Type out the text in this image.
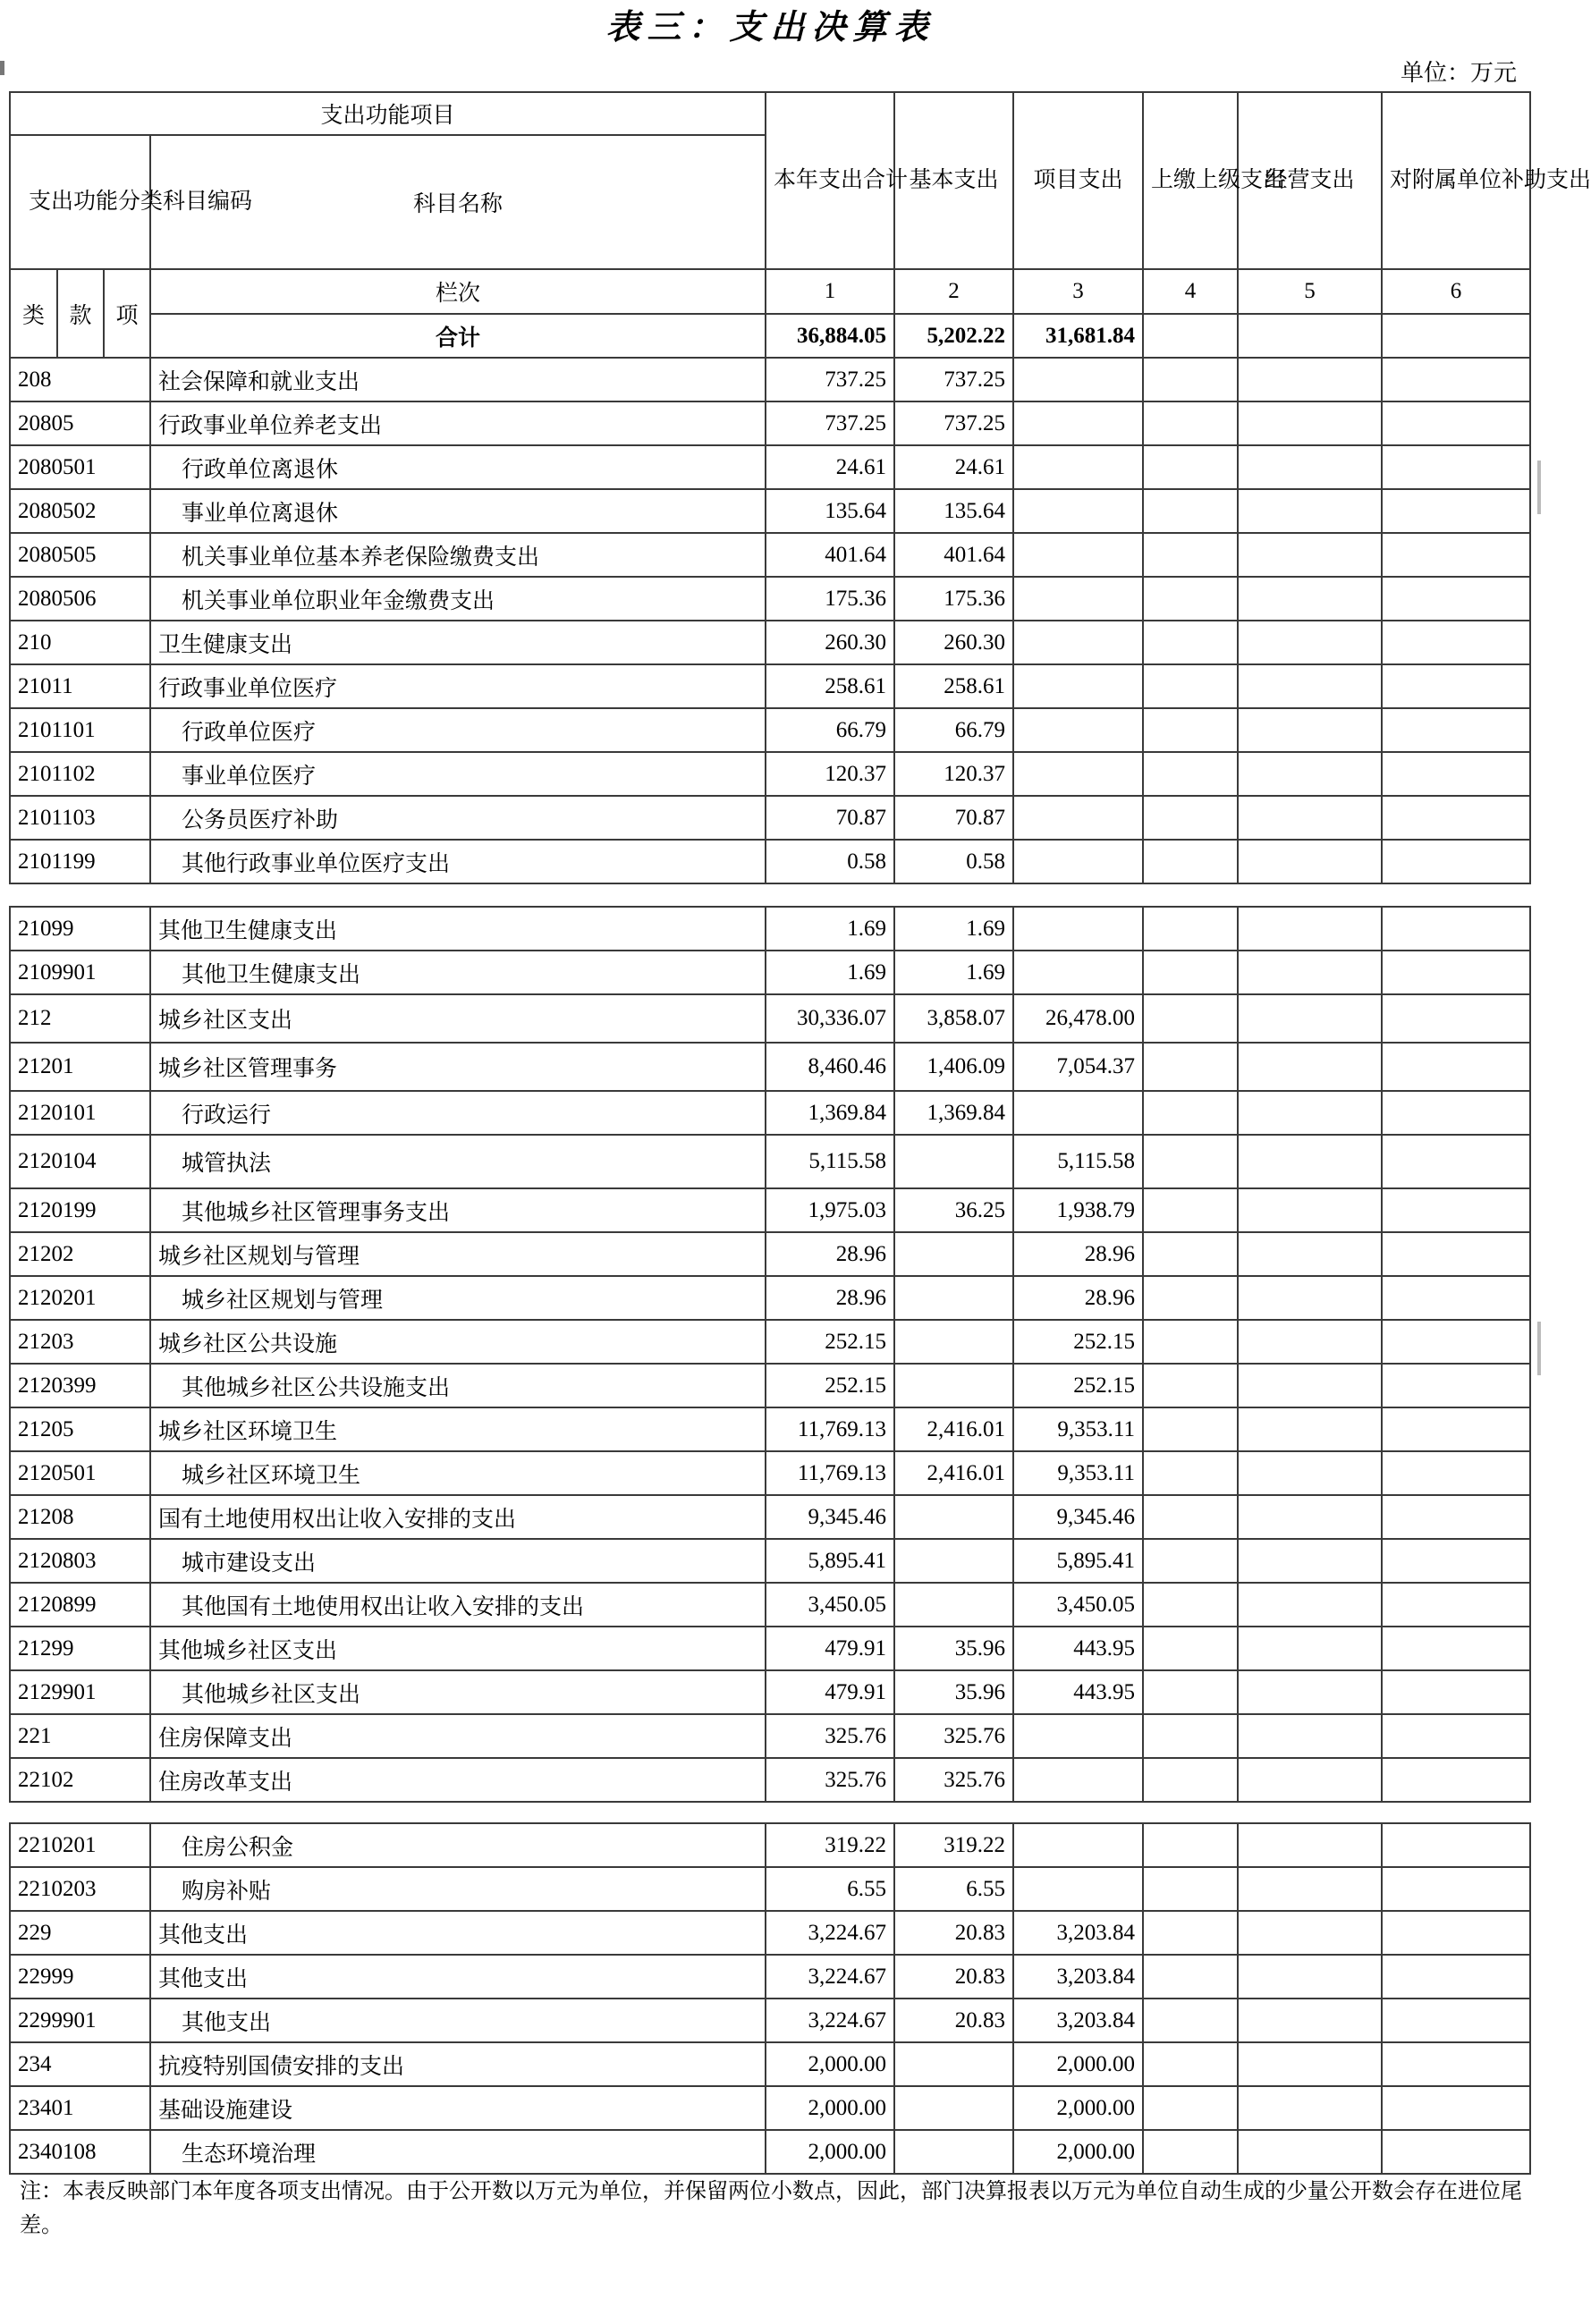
表三：支出决算表
单位：万元
支出功能项目				本年支出合计	基本支出	项目支出	上缴上级支出	经营支出	对附属单位补助支出
支出功能分类科目编码			科目名称						
类	款	项	栏次	1	2	3	4	5	6
			合计	36,884.05	5,202.22	31,681.84			
208			社会保障和就业支出	737.25	737.25				
20805			行政事业单位养老支出	737.25	737.25				
2080501			行政单位离退休	24.61	24.61				
2080502			事业单位离退休	135.64	135.64				
2080505			机关事业单位基本养老保险缴费支出	401.64	401.64				
2080506			机关事业单位职业年金缴费支出	175.36	175.36				
210			卫生健康支出	260.30	260.30				
21011			行政事业单位医疗	258.61	258.61				
2101101			行政单位医疗	66.79	66.79				
2101102			事业单位医疗	120.37	120.37				
2101103			公务员医疗补助	70.87	70.87				
2101199			其他行政事业单位医疗支出	0.58	0.58				
21099	其他卫生健康支出	1.69	1.69				
2109901	其他卫生健康支出	1.69	1.69				
212	城乡社区支出	30,336.07	3,858.07	26,478.00			
21201	城乡社区管理事务	8,460.46	1,406.09	7,054.37			
2120101	行政运行	1,369.84	1,369.84				
2120104	城管执法	5,115.58		5,115.58			
2120199	其他城乡社区管理事务支出	1,975.03	36.25	1,938.79			
21202	城乡社区规划与管理	28.96		28.96			
2120201	城乡社区规划与管理	28.96		28.96			
21203	城乡社区公共设施	252.15		252.15			
2120399	其他城乡社区公共设施支出	252.15		252.15			
21205	城乡社区环境卫生	11,769.13	2,416.01	9,353.11			
2120501	城乡社区环境卫生	11,769.13	2,416.01	9,353.11			
21208	国有土地使用权出让收入安排的支出	9,345.46		9,345.46			
2120803	城市建设支出	5,895.41		5,895.41			
2120899	其他国有土地使用权出让收入安排的支出	3,450.05		3,450.05			
21299	其他城乡社区支出	479.91	35.96	443.95			
2129901	其他城乡社区支出	479.91	35.96	443.95			
221	住房保障支出	325.76	325.76				
22102	住房改革支出	325.76	325.76				
2210201	住房公积金	319.22	319.22				
2210203	购房补贴	6.55	6.55				
229	其他支出	3,224.67	20.83	3,203.84			
22999	其他支出	3,224.67	20.83	3,203.84			
2299901	其他支出	3,224.67	20.83	3,203.84			
234	抗疫特别国债安排的支出	2,000.00		2,000.00			
23401	基础设施建设	2,000.00		2,000.00			
2340108	生态环境治理	2,000.00		2,000.00			
注：本表反映部门本年度各项支出情况。由于公开数以万元为单位，并保留两位小数点，因此，部门决算报表以万元为单位自动生成的少量公开数会存在进位尾差。
